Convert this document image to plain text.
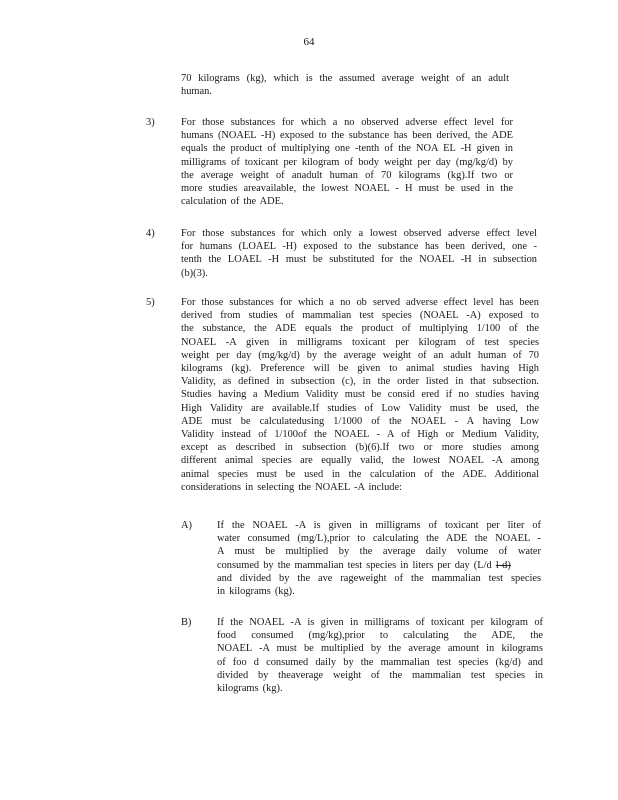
64
70 kilograms (kg), which is the assumed average weight of an adult
human.
3)	For those substances for which a no observed adverse effect level for
humans (NOAEL -H) exposed to the substance has been derived, the ADE
equals the product of multiplying one -tenth of the NOA EL -H given in
milligrams of toxicant per kilogram of body weight per day (mg/kg/d) by
the average weight of anadult human of 70 kilograms (kg).If two or
more studies areavailable, the lowest NOAEL - H must be used in the
calculation of the ADE.
4)	For those substances for which only a lowest observed adverse effect level
for humans (LOAEL -H) exposed to the substance has been derived, one -
tenth the LOAEL -H must be substituted for the NOAEL -H in subsection
(b)(3).
5)	For those substances for which a no ob served adverse effect level has been
derived from studies of mammalian test species (NOAEL -A) exposed to
the substance, the ADE equals the product of multiplying 1/100 of the
NOAEL -A given in milligrams toxicant per kilogram of test species
weight per day (mg/kg/d) by the average weight of an adult human of 70
kilograms (kg). Preference will be given to animal studies having High
Validity, as defined in subsection (c), in the order listed in that subsection.
Studies having a Medium Validity must be consid ered if no studies having
High Validity are available.If studies of Low Validity must be used, the
ADE must be calculatedusing 1/1000 of the NOAEL - A having Low
Validity instead of 1/100of the NOAEL - A of High or Medium Validity,
except as described in subsection (b)(6).If two or more studies among
different animal species are equally valid, the lowest NOAEL -A among
animal species must be used in the calculation of the ADE. Additional
considerations in selecting the NOAEL -A include:
A) If the NOAEL -A is given in milligrams of toxicant per liter of
water consumed (mg/L),prior to calculating the ADE the NOAEL -
A must be multiplied by the average daily volume of water
consumed by the mammalian test species in liters per day (L/d l-d)
and divided by the ave rageweight of the mammalian test species
in kilograms (kg).
B) If the NOAEL -A is given in milligrams of toxicant per kilogram of
food consumed (mg/kg),prior to calculating the ADE, the
NOAEL -A must be multiplied by the average amount in kilograms
of foo d consumed daily by the mammalian test species (kg/d) and
divided by theaverage weight of the mammalian test species in
kilograms (kg).
